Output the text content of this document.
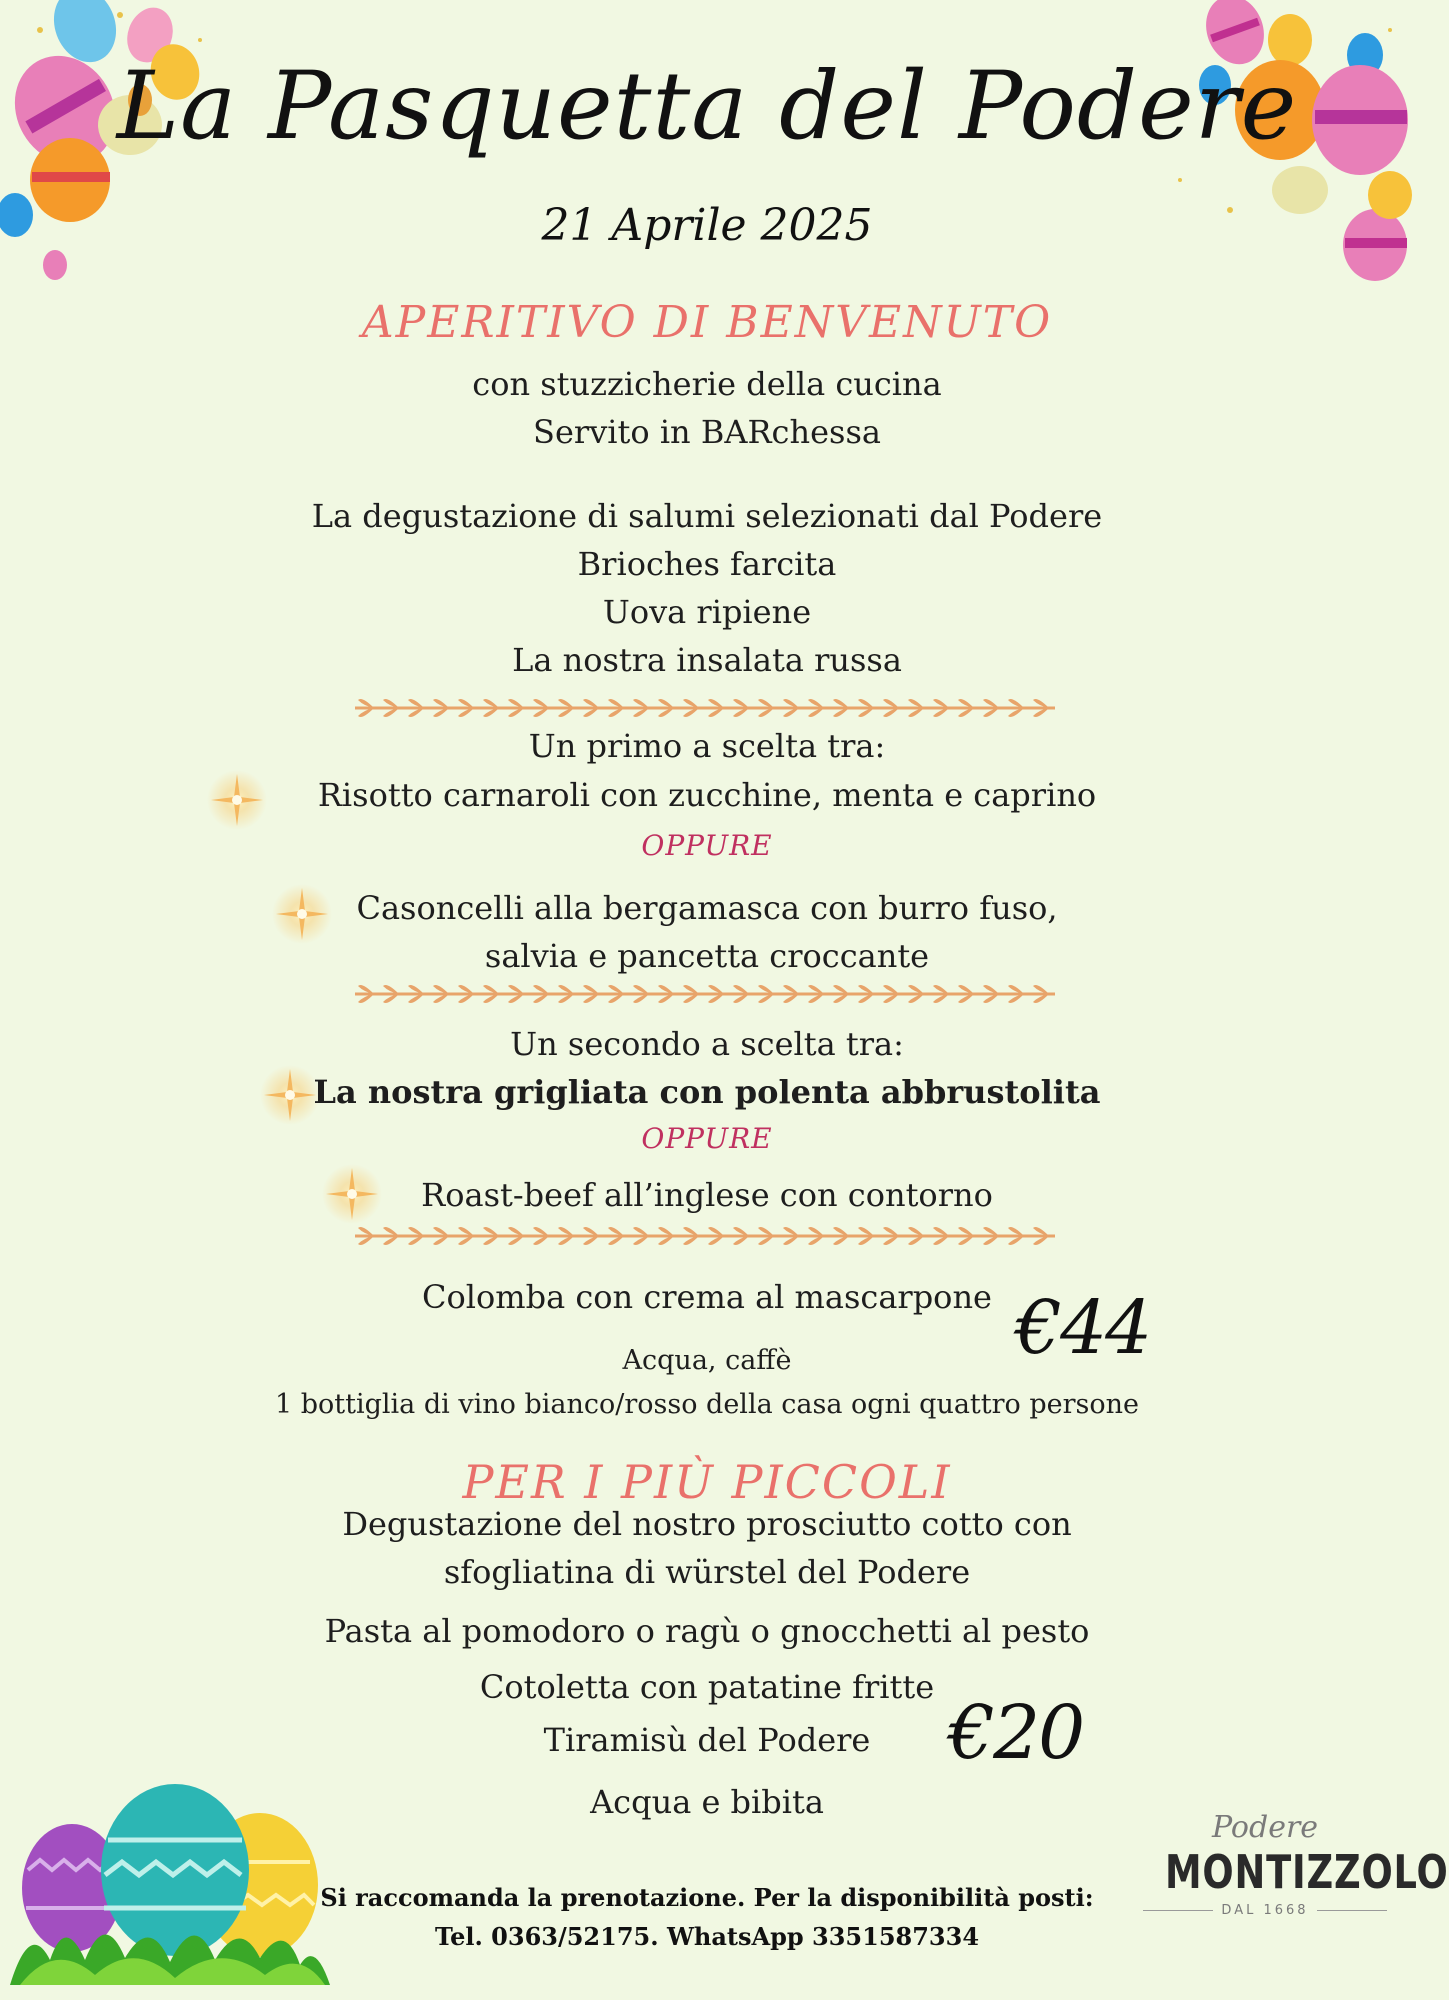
La Pasquetta del Podere
21 Aprile 2025
APERITIVO DI BENVENUTO
con stuzzicherie della cucina
Servito in BARchessa
La degustazione di salumi selezionati dal Podere
Brioches farcita
Uova ripiene
La nostra insalata russa
Un primo a scelta tra:
Risotto carnaroli con zucchine, menta e caprino
OPPURE
Casoncelli alla bergamasca con burro fuso,
salvia e pancetta croccante
Un secondo a scelta tra:
La nostra grigliata con polenta abbrustolita
OPPURE
Roast-beef all’inglese con contorno
Colomba con crema al mascarpone
Acqua, caffè
1 bottiglia di vino bianco/rosso della casa ogni quattro persone
€44
PER I PIÙ PICCOLI
Degustazione del nostro prosciutto cotto con
sfogliatina di würstel del Podere
Pasta al pomodoro o ragù o gnocchetti al pesto
Cotoletta con patatine fritte
Tiramisù del Podere
Acqua e bibita
€20
Si raccomanda la prenotazione. Per la disponibilità posti:
Tel. 0363/52175. WhatsApp 3351587334
Podere
MONTIZZOLO
DAL 1668
